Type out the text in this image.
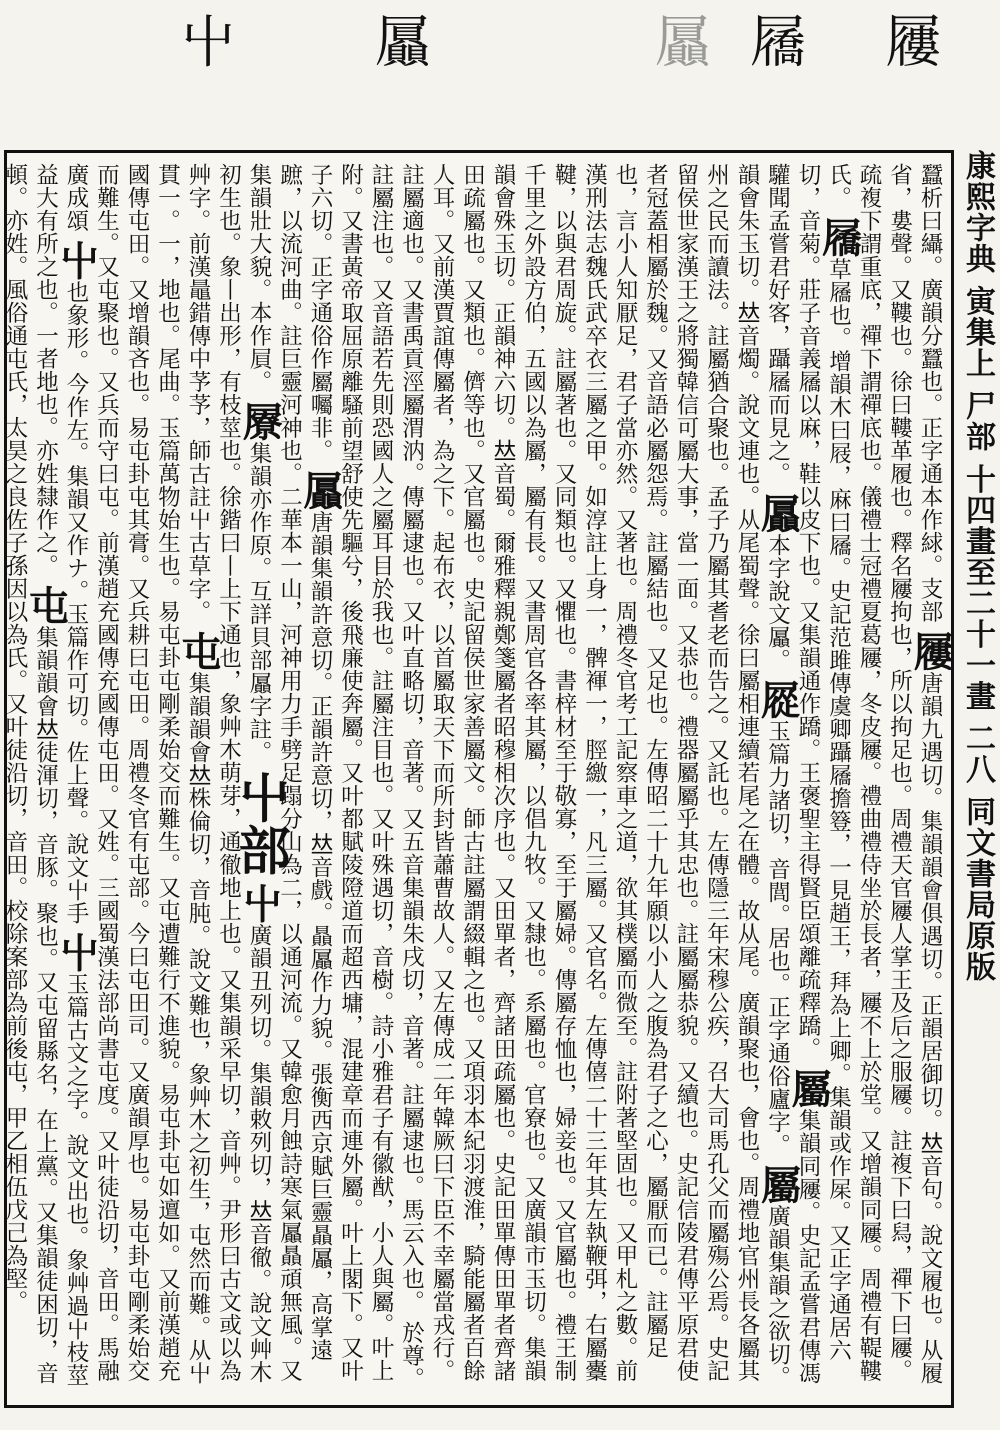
屨
屩
屭	屭
屮
蠶析曰䌰。廣韻分蠶也。正字通本作絿。支部 屨唐韻九遇切。集韻韻會俱遇切。正韻居御切。𠀤音句。說文履也。从履省，婁聲。又鞻也。徐曰鞻革履也。釋名屨拘也，所以拘足也。周禮天官屨人掌王及后之服屨。註複下曰舄，禪下曰屨。疏複下謂重底，禪下謂禪底也。儀禮士冠禮夏葛屨，冬皮屨。禮曲禮侍坐於長者，屨不上於堂。又增韻同屨。周禮有鞮鞻氏。 屩草屩也。增韻木曰屐，麻曰屩。史記范雎傳虞卿躡屩擔簦，一見趙王，拜為上卿。集韻或作𡱖。又正字通居六切，音菊。莊子音義屩以麻，鞋以皮下也。又集韻通作蹻。王褒聖主得賢臣頌離疏釋蹻。 屬集韻同屨。史記孟嘗君傳馮驩聞孟嘗君好客，躡屩而見之。 屭本字說文屭。 㞞玉篇力諸切，音閭。居也。正字通俗廬字。 屬廣韻集韻之欲切。韻會朱玉切。𠀤音燭。說文連也。从尾蜀聲。徐曰屬相連續若尾之在體。故从尾。廣韻聚也，會也。周禮地官州長各屬其州之民而讀法。註屬猶合聚也。孟子乃屬其耆老而告之。又託也。左傳隱三年宋穆公疾，召大司馬孔父而屬殤公焉。史記留侯世家漢王之將獨韓信可屬大事，當一面。又恭也。禮器屬屬乎其忠也。註屬屬恭貌。又續也。史記信陵君傳平原君使者冠蓋相屬於魏。又音語必屬怨焉。註屬結也。又足也。左傳昭二十九年願以小人之腹為君子之心，屬厭而已。註屬足也，言小人知厭足，君子當亦然。又著也。周禮冬官考工記察車之道，欲其樸屬而微至。註附著堅固也。又甲札之數。前漢刑法志魏氏武卒衣三屬之甲。如淳註上身一，髀褌一，脛繳一，凡三屬。又官名。左傳僖二十三年其左執鞭弭，右屬櫜鞬，以與君周旋。註屬著也。又同類也。又懼也。書梓材至于敬寡，至于屬婦。傳屬存恤也，婦妾也。又官屬也。禮王制千里之外設方伯，五國以為屬，屬有長。又書周官各率其屬，以倡九牧。又隸也。系屬也。官寮也。又廣韻市玉切。集韻韻會殊玉切。正韻神六切。𠀤音蜀。爾雅釋親鄭箋屬者昭穆相次序也。又田單者，齊諸田疏屬也。史記田單傳田單者齊諸田疏屬也。又類也。儕等也。又官屬也。史記留侯世家善屬文。師古註屬謂綴輯之也。又項羽本紀羽渡淮，騎能屬者百餘人耳。又前漢賈誼傳屬者，為之下。起布衣，以首屬取天下而所封皆蕭曹故人。又左傳成二年韓厥曰下臣不幸屬當戎行。註屬適也。又書禹貢涇屬渭汭。傳屬逮也。又叶直略切，音著。又五音集韻朱戌切，音著。註屬逮也。馬云入也。 於尊。註屬注也。又音語若先則恐國人之屬耳目於我也。註屬注目也。又叶殊遇切，音樹。詩小雅君子有徽猷，小人與屬。叶上附。又書黃帝取屈原離騷前望舒使先驅兮，後飛廉使奔屬。又叶都賦陵隥道而超西墉，混建章而連外屬。叶上閣下。又叶子六切。正字通俗作屬囑非。 屭唐韻集韻許意切。正韻許意切，𠀤音戲。贔屭作力貌。張衡西京賦巨靈贔屭，高掌遠蹠，以流河曲。註巨靈河神也。二華本一山，河神用力手劈足蹋分山為二，以通河流。又韓愈月蝕詩寒氣屭贔頑無風。又集韻壯大貌。本作屓。 屪集韻亦作原。互詳貝部屭字註。 屮部 屮廣韻丑列切。集韻敕列切，𠀤音徹。說文艸木初生也。象丨出形，有枝莖也。徐鍇曰丨上下通也，象艸木萌芽，通徹地上也。又集韻采早切，音艸。尹形曰古文或以為艸字。前漢鼂錯傳中芧芧，師古註屮古草字。 屯集韻韻會𠀤株倫切，音肫。說文難也，象艸木之初生，屯然而難。从屮貫一。一，地也。尾曲。玉篇萬物始生也。易屯卦屯剛柔始交而難生。又屯遭難行不進貌。易屯卦屯如邅如。又前漢趙充國傳屯田。又增韻吝也。易屯卦屯其膏。又兵耕曰屯田。周禮冬官有屯部。今曰屯田司。又廣韻厚也。易屯卦屯剛柔始交而難生。又屯聚也。又兵而守曰屯。前漢趙充國傳充國傳屯田。又姓。三國蜀漢法部尚書屯度。又叶徒沿切，音田。馬融廣成頌 屮也象形。今作左。集韻又作ナ。玉篇作可切。佐上聲。說文屮手 屮玉篇古文之字。說文出也。象艸過屮枝莖益大有所之也。一者地也。亦姓隸作之。 屯集韻韻會𠀤徒渾切，音豚。聚也。又屯留縣名，在上黨。又集韻徒困切，音頓。亦姓。風俗通屯氏，太昊之良佐子孫因以為氏。又叶徒沿切，音田。校除案部為前後屯，甲乙相伍戊己為堅。	康熙字典 寅集上 尸部 十四畫至二十一畫 二八 同文書局原版
